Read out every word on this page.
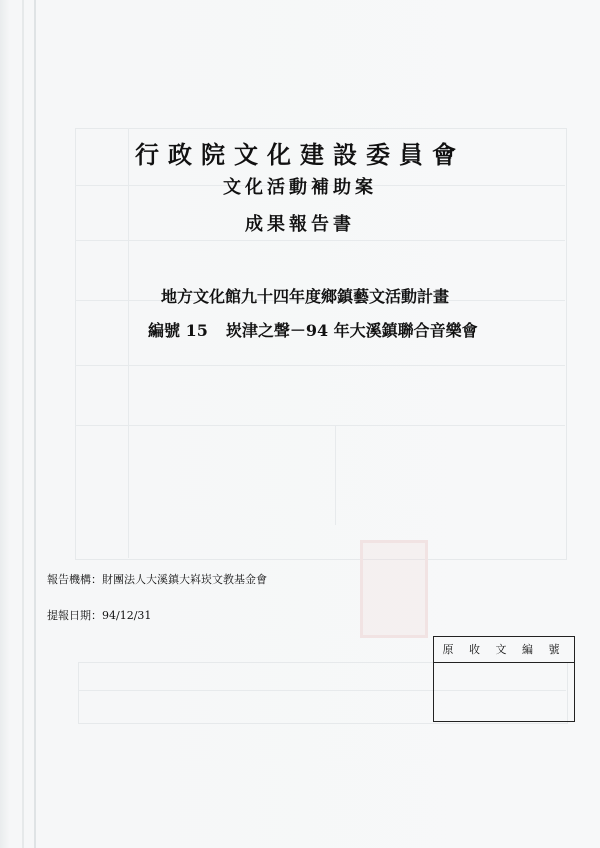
行政院文化建設委員會
文化活動補助案
成果報告書
地方文化館九十四年度鄉鎮藝文活動計畫
編號 15 崁津之聲－94 年大溪鎮聯合音樂會
報告機構：財團法人大溪鎮大嵙崁文教基金會
提報日期：94/12/31
原 收 文 編 號
